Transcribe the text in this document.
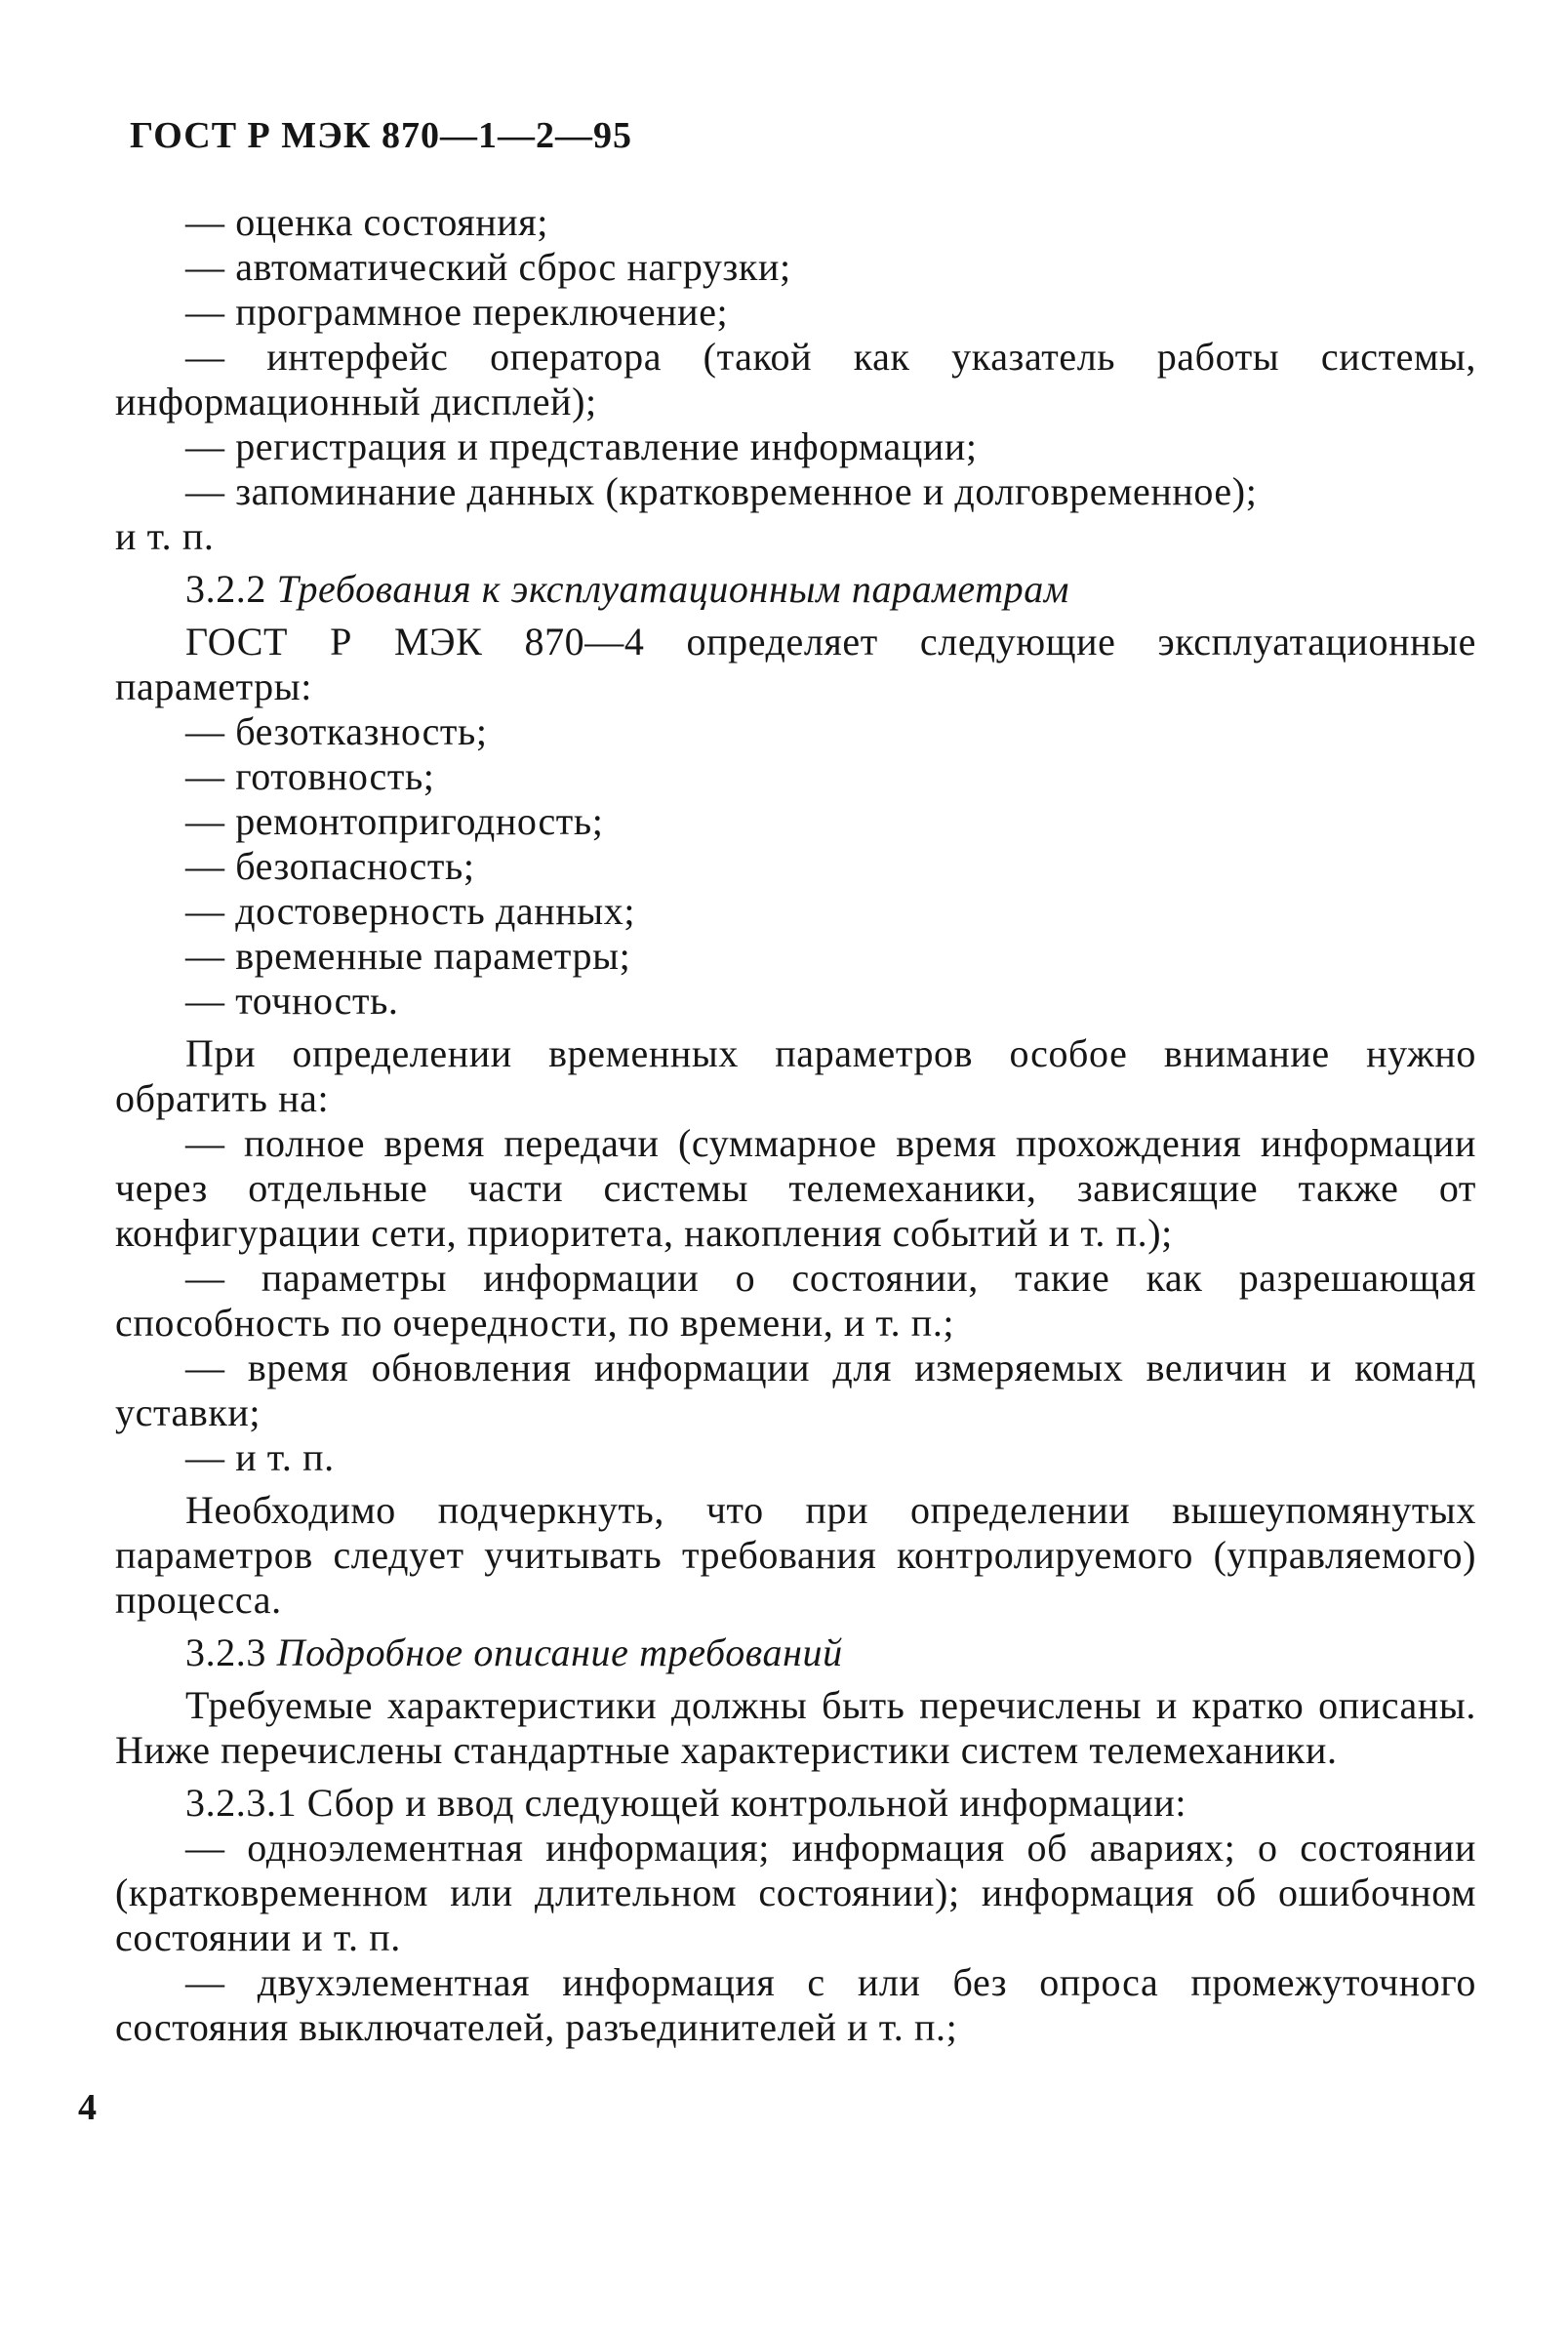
ГОСТ Р МЭК 870—1—2—95
— оценка состояния;
— автоматический сброс нагрузки;
— программное переключение;
— интерфейс оператора (такой как указатель работы системы, информационный дисплей);
— регистрация и представление информации;
— запоминание данных (кратковременное и долговременное);
и т. п.
3.2.2 Требования к эксплуатационным параметрам
ГОСТ Р МЭК 870—4 определяет следующие эксплуатационные параметры:
— безотказность;
— готовность;
— ремонтопригодность;
— безопасность;
— достоверность данных;
— временные параметры;
— точность.
При определении временных параметров особое внимание нужно обратить на:
— полное время передачи (суммарное время прохождения информации через отдельные части системы телемеханики, зависящие также от конфигурации сети, приоритета, накопления событий и т. п.);
— параметры информации о состоянии, такие как разрешающая способность по очередности, по времени, и т. п.;
— время обновления информации для измеряемых величин и команд уставки;
— и т. п.
Необходимо подчеркнуть, что при определении вышеупомянутых параметров следует учитывать требования контролируемого (управляемого) процесса.
3.2.3 Подробное описание требований
Требуемые характеристики должны быть перечислены и кратко описаны. Ниже перечислены стандартные характеристики систем телемеханики.
3.2.3.1 Сбор и ввод следующей контрольной информации:
— одноэлементная информация; информация об авариях; о состоянии (кратковременном или длительном состоянии); информация об ошибочном состоянии и т. п.
— двухэлементная информация с или без опроса промежуточного состояния выключателей, разъединителей и т. п.;
4
